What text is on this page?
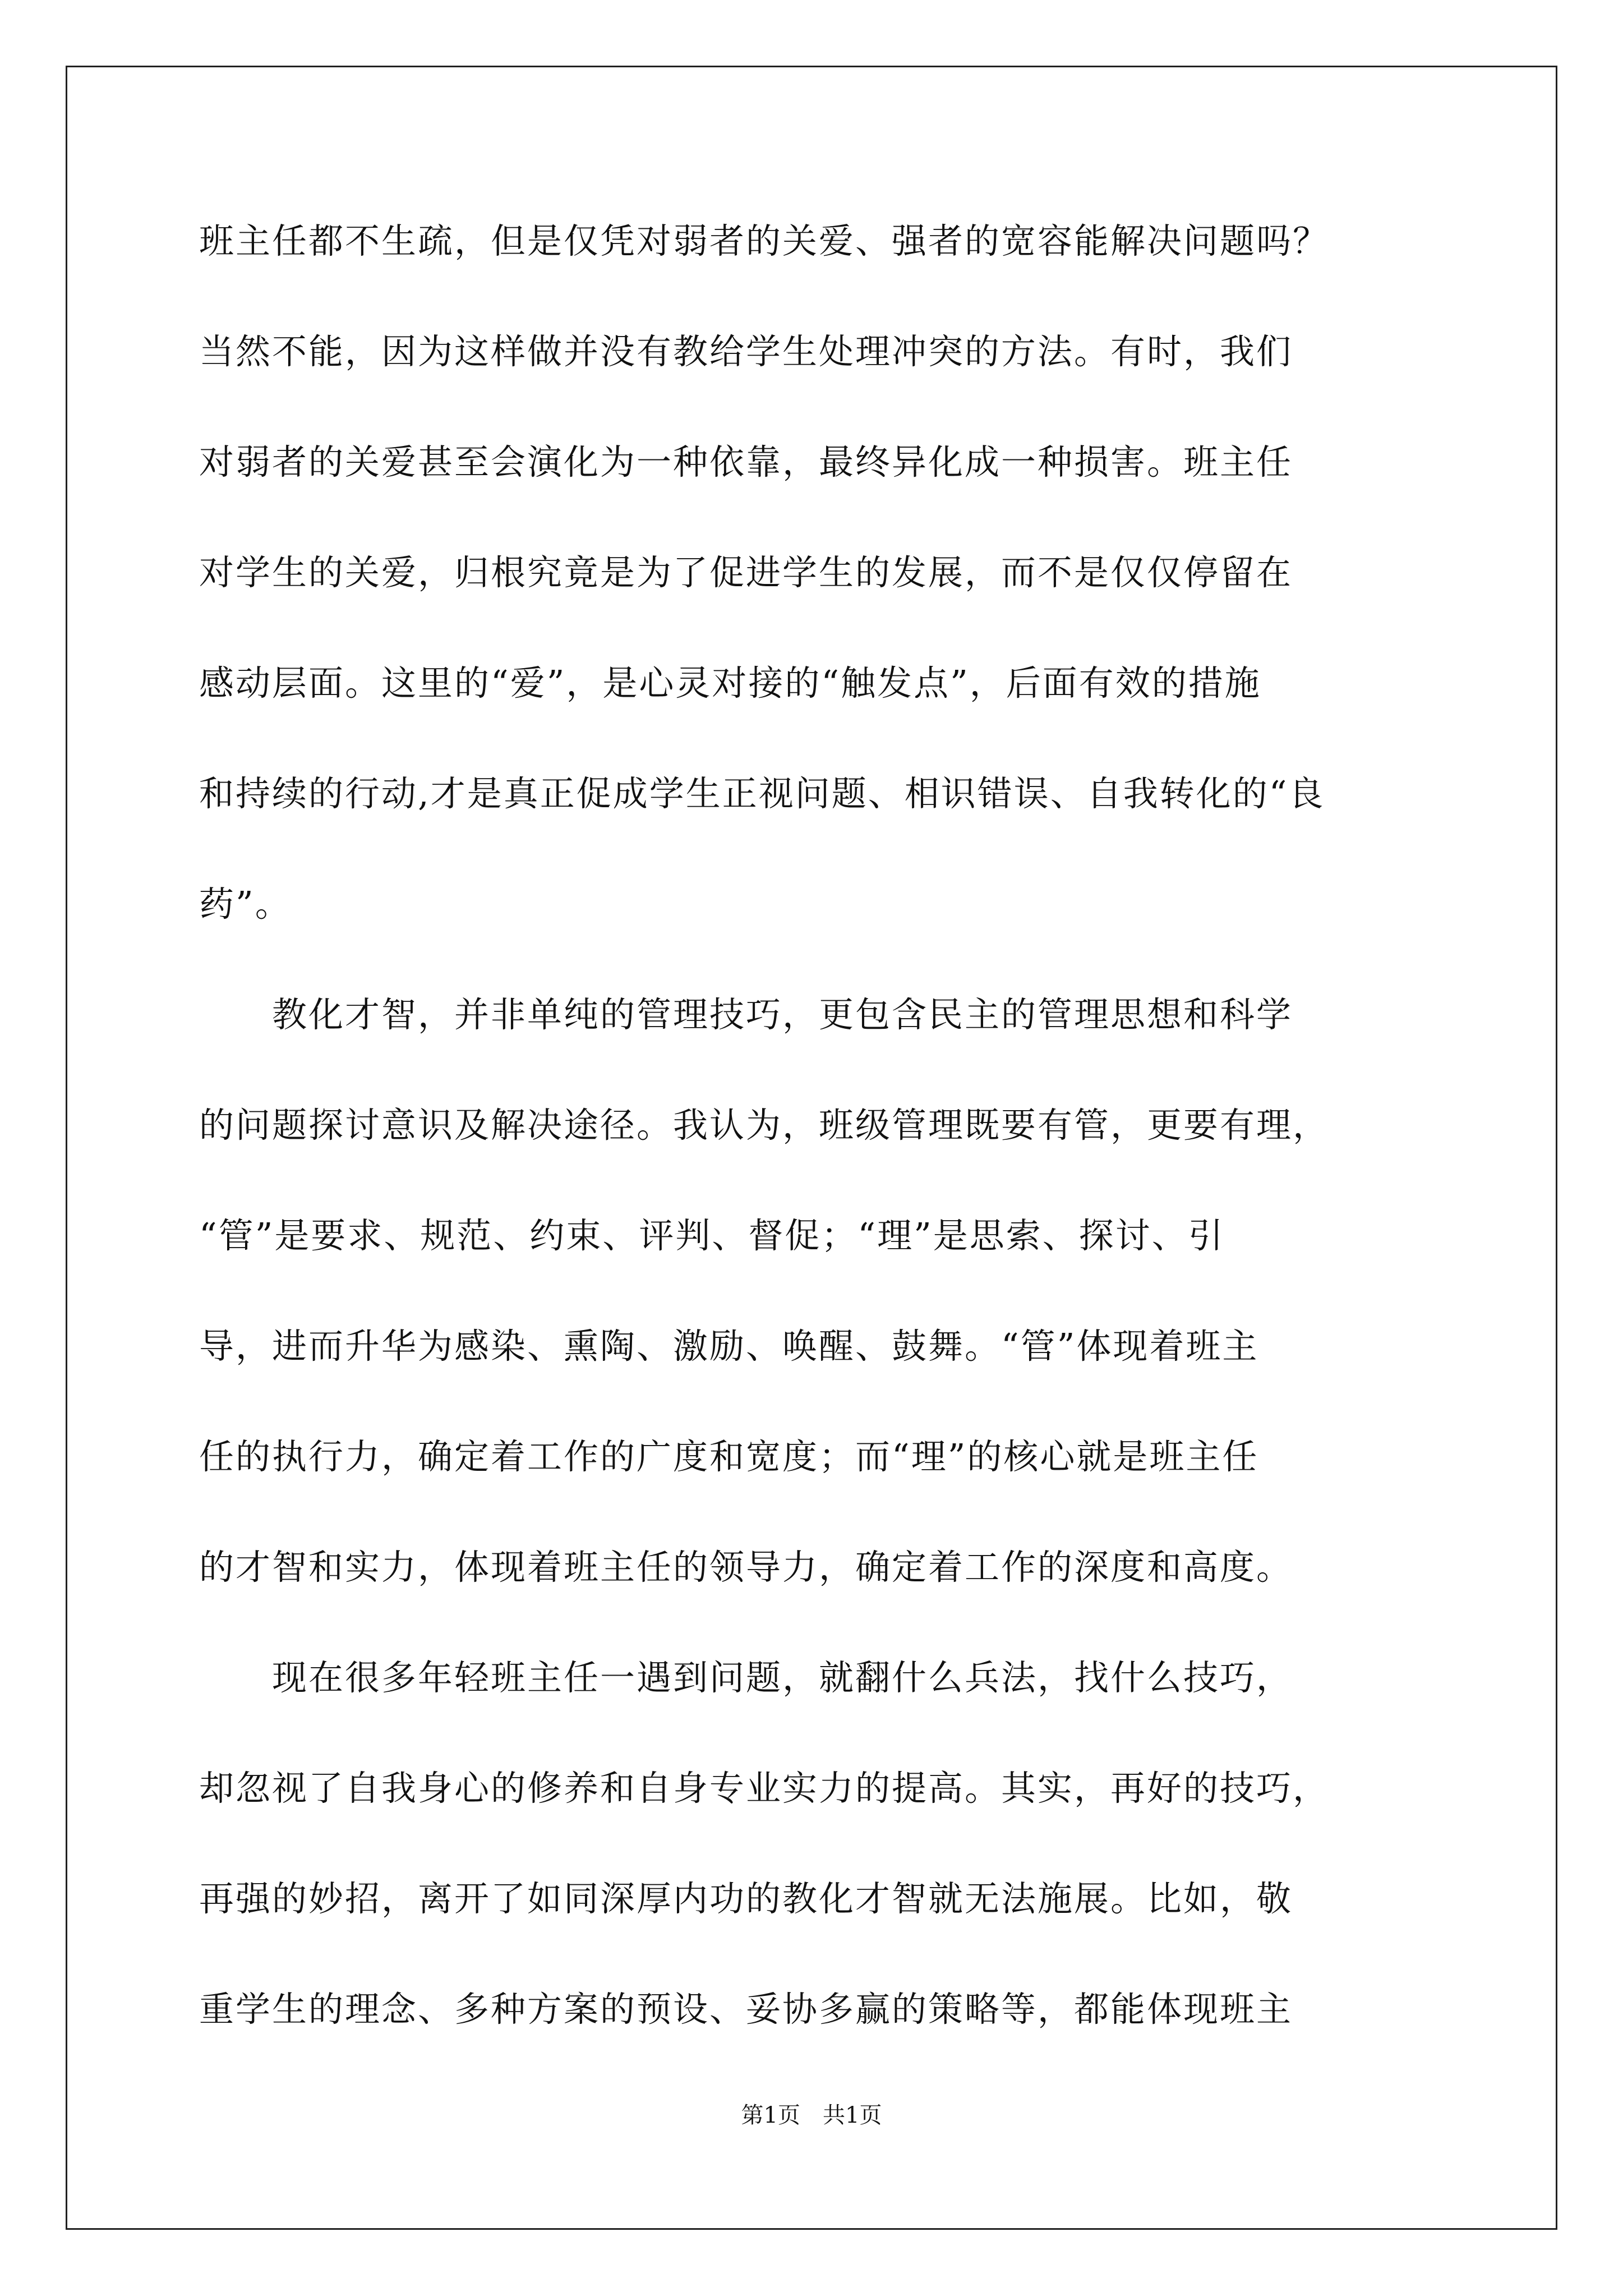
班主任都不生疏，但是仅凭对弱者的关爱、强者的宽容能解决问题吗？
当然不能，因为这样做并没有教给学生处理冲突的方法。有时，我们
对弱者的关爱甚至会演化为一种依靠，最终异化成一种损害。班主任
对学生的关爱，归根究竟是为了促进学生的发展，而不是仅仅停留在
感动层面。这里的“爱”，是心灵对接的“触发点”，后面有效的措施
和持续的行动,才是真正促成学生正视问题、相识错误、自我转化的“良
药”。
　　教化才智，并非单纯的管理技巧，更包含民主的管理思想和科学
的问题探讨意识及解决途径。我认为，班级管理既要有管，更要有理，
“管”是要求、规范、约束、评判、督促；“理”是思索、探讨、引
导，进而升华为感染、熏陶、激励、唤醒、鼓舞。“管”体现着班主
任的执行力，确定着工作的广度和宽度；而“理”的核心就是班主任
的才智和实力，体现着班主任的领导力，确定着工作的深度和高度。
　　现在很多年轻班主任一遇到问题，就翻什么兵法，找什么技巧，
却忽视了自我身心的修养和自身专业实力的提高。其实，再好的技巧，
再强的妙招，离开了如同深厚内功的教化才智就无法施展。比如，敬
重学生的理念、多种方案的预设、妥协多赢的策略等，都能体现班主
第1页　共1页
